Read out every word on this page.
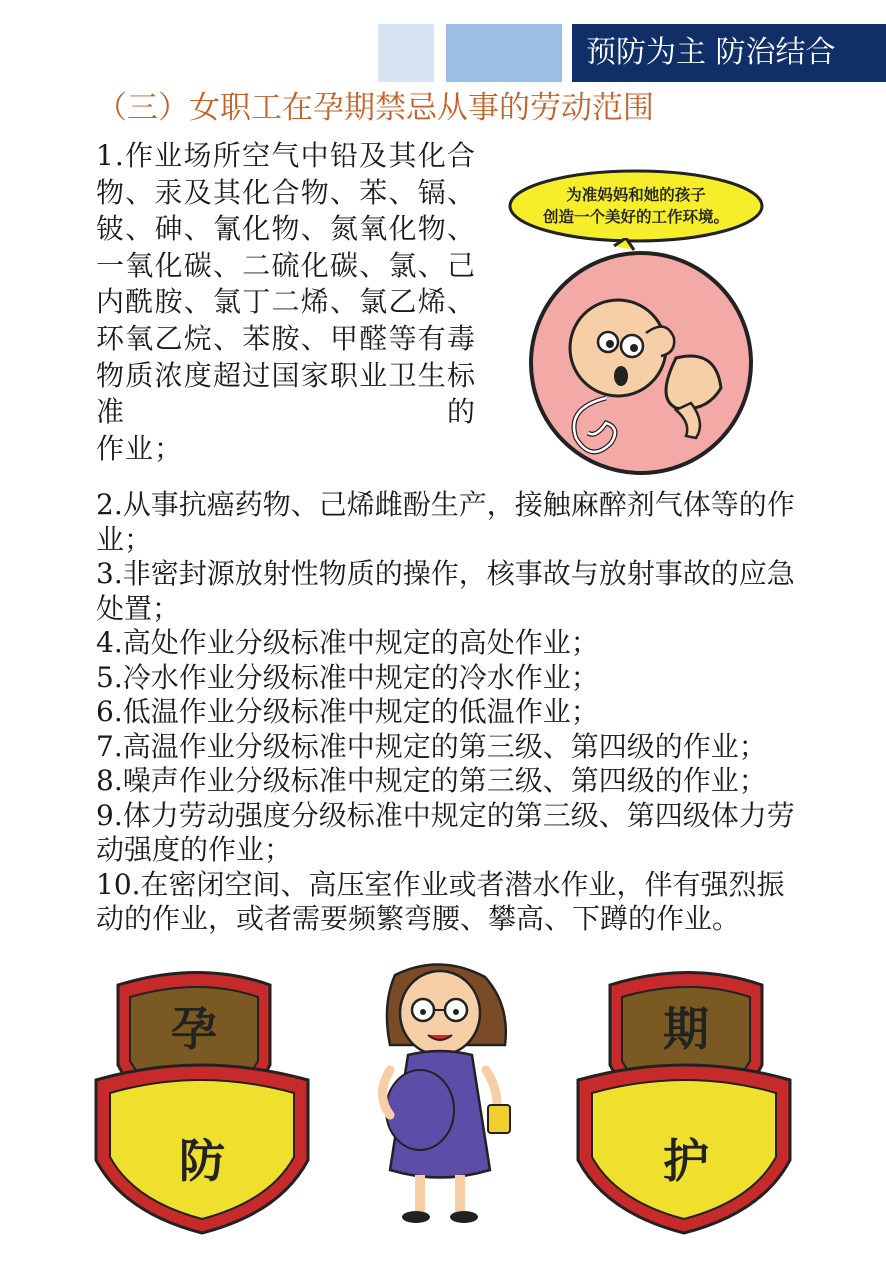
预防为主 防治结合
（三）女职工在孕期禁忌从事的劳动范围
1.作业场所空气中铅及其化合物、汞及其化合物、苯、镉、铍、砷、氰化物、氮氧化物、一氧化碳、二硫化碳、氯、己内酰胺、氯丁二烯、氯乙烯、环氧乙烷、苯胺、甲醛等有毒物质浓度超过国家职业卫生标准的
作业；
为准妈妈和她的孩子
创造一个美好的工作环境。
孕	期
防	护

2.从事抗癌药物、己烯雌酚生产，接触麻醉剂气体等的作业；

3.非密封源放射性物质的操作，核事故与放射事故的应急处置；

4.高处作业分级标准中规定的高处作业；

5.冷水作业分级标准中规定的冷水作业；

6.低温作业分级标准中规定的低温作业；

7.高温作业分级标准中规定的第三级、第四级的作业；

8.噪声作业分级标准中规定的第三级、第四级的作业；

9.体力劳动强度分级标准中规定的第三级、第四级体力劳动强度的作业；

10.在密闭空间、高压室作业或者潜水作业，伴有强烈振动的作业，或者需要频繁弯腰、攀高、下蹲的作业。
